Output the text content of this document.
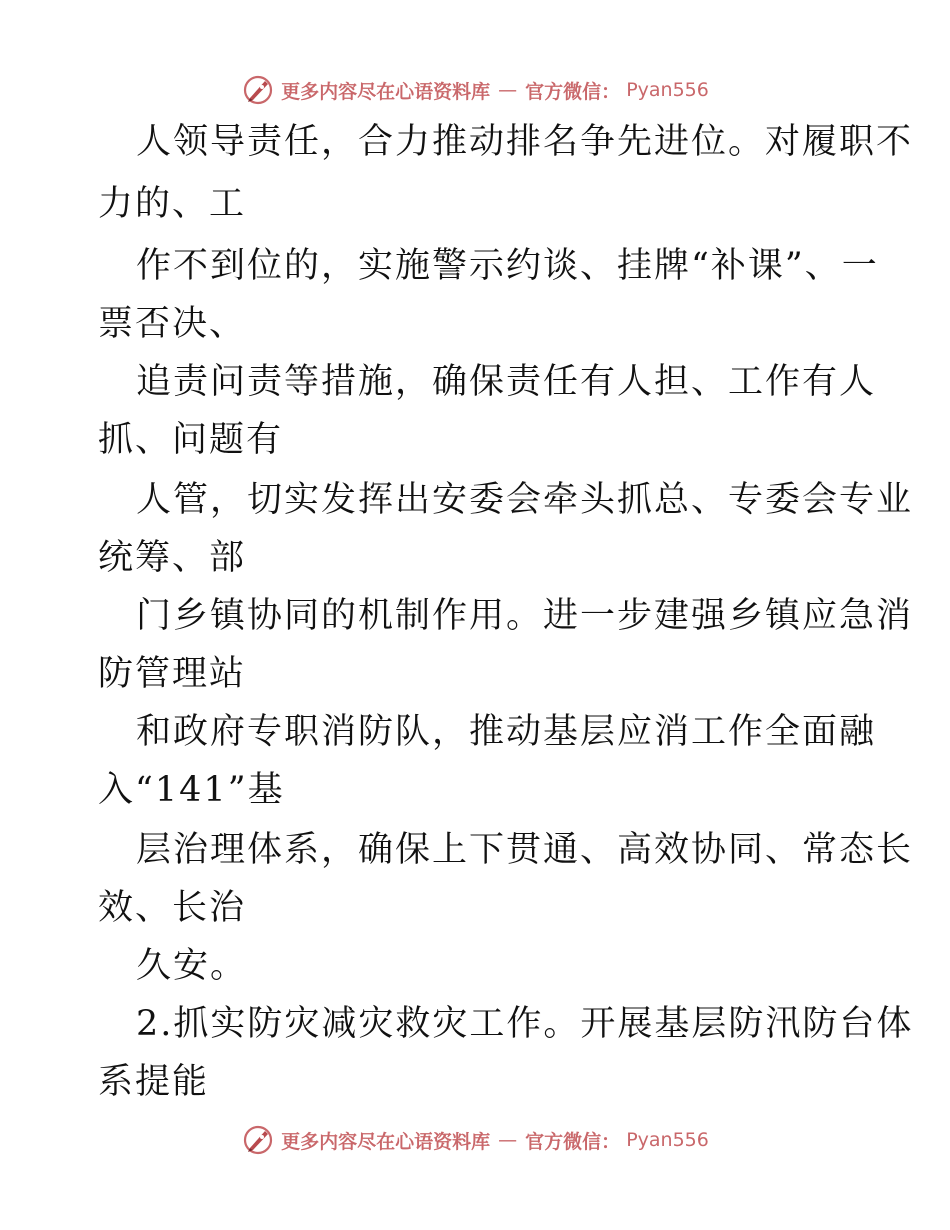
更多内容尽在心语资料库 — 官方微信： Pyan556
人领导责任，合力推动排名争先进位。对履职不
力的、工
作不到位的，实施警示约谈、挂牌“补课”、一
票否决、
追责问责等措施，确保责任有人担、工作有人
抓、问题有
人管，切实发挥出安委会牵头抓总、专委会专业
统筹、部
门乡镇协同的机制作用。进一步建强乡镇应急消
防管理站
和政府专职消防队，推动基层应消工作全面融
入“141”基
层治理体系，确保上下贯通、高效协同、常态长
效、长治
久安。
2.抓实防灾减灾救灾工作。开展基层防汛防台体
系提能
更多内容尽在心语资料库 — 官方微信： Pyan556
